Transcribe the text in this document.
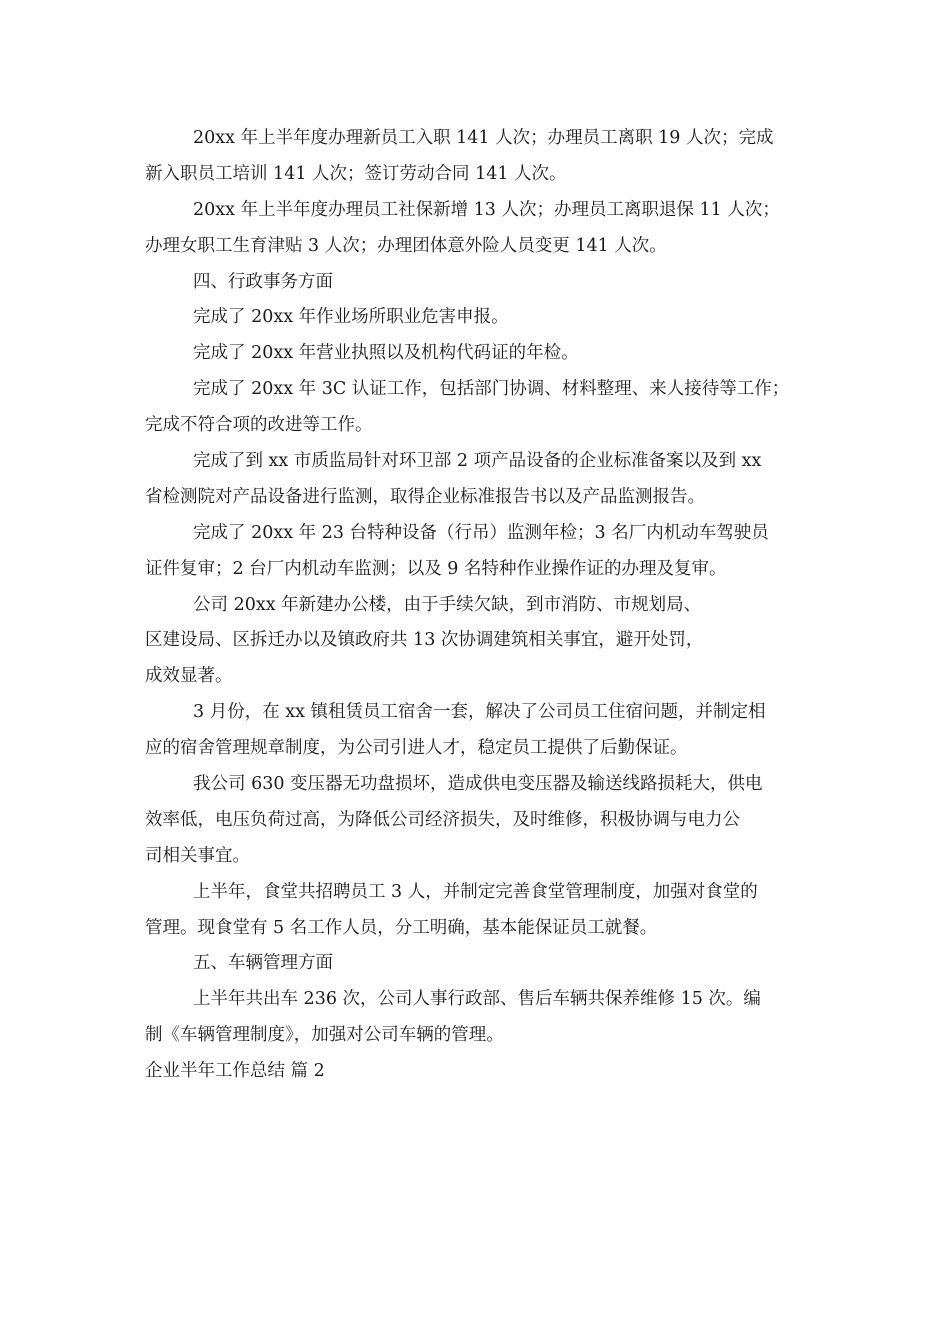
20xx 年上半年度办理新员工入职 141 人次；办理员工离职 19 人次；完成
新入职员工培训 141 人次；签订劳动合同 141 人次。
20xx 年上半年度办理员工社保新增 13 人次；办理员工离职退保 11 人次；
办理女职工生育津贴 3 人次；办理团体意外险人员变更 141 人次。
四、行政事务方面
完成了 20xx 年作业场所职业危害申报。
完成了 20xx 年营业执照以及机构代码证的年检。
完成了 20xx 年 3C 认证工作，包括部门协调、材料整理、来人接待等工作；
完成不符合项的改进等工作。
完成了到 xx 市质监局针对环卫部 2 项产品设备的企业标准备案以及到 xx
省检测院对产品设备进行监测，取得企业标准报告书以及产品监测报告。
完成了 20xx 年 23 台特种设备（行吊）监测年检；3 名厂内机动车驾驶员
证件复审；2 台厂内机动车监测；以及 9 名特种作业操作证的办理及复审。
公司 20xx 年新建办公楼，由于手续欠缺，到市消防、市规划局、
区建设局、区拆迁办以及镇政府共 13 次协调建筑相关事宜，避开处罚，
成效显著。
3 月份，在 xx 镇租赁员工宿舍一套，解决了公司员工住宿问题，并制定相
应的宿舍管理规章制度，为公司引进人才，稳定员工提供了后勤保证。
我公司 630 变压器无功盘损坏，造成供电变压器及输送线路损耗大，供电
效率低，电压负荷过高，为降低公司经济损失，及时维修，积极协调与电力公
司相关事宜。
上半年，食堂共招聘员工 3 人，并制定完善食堂管理制度，加强对食堂的
管理。现食堂有 5 名工作人员，分工明确，基本能保证员工就餐。
五、车辆管理方面
上半年共出车 236 次，公司人事行政部、售后车辆共保养维修 15 次。编
制《车辆管理制度》，加强对公司车辆的管理。
企业半年工作总结 篇 2
